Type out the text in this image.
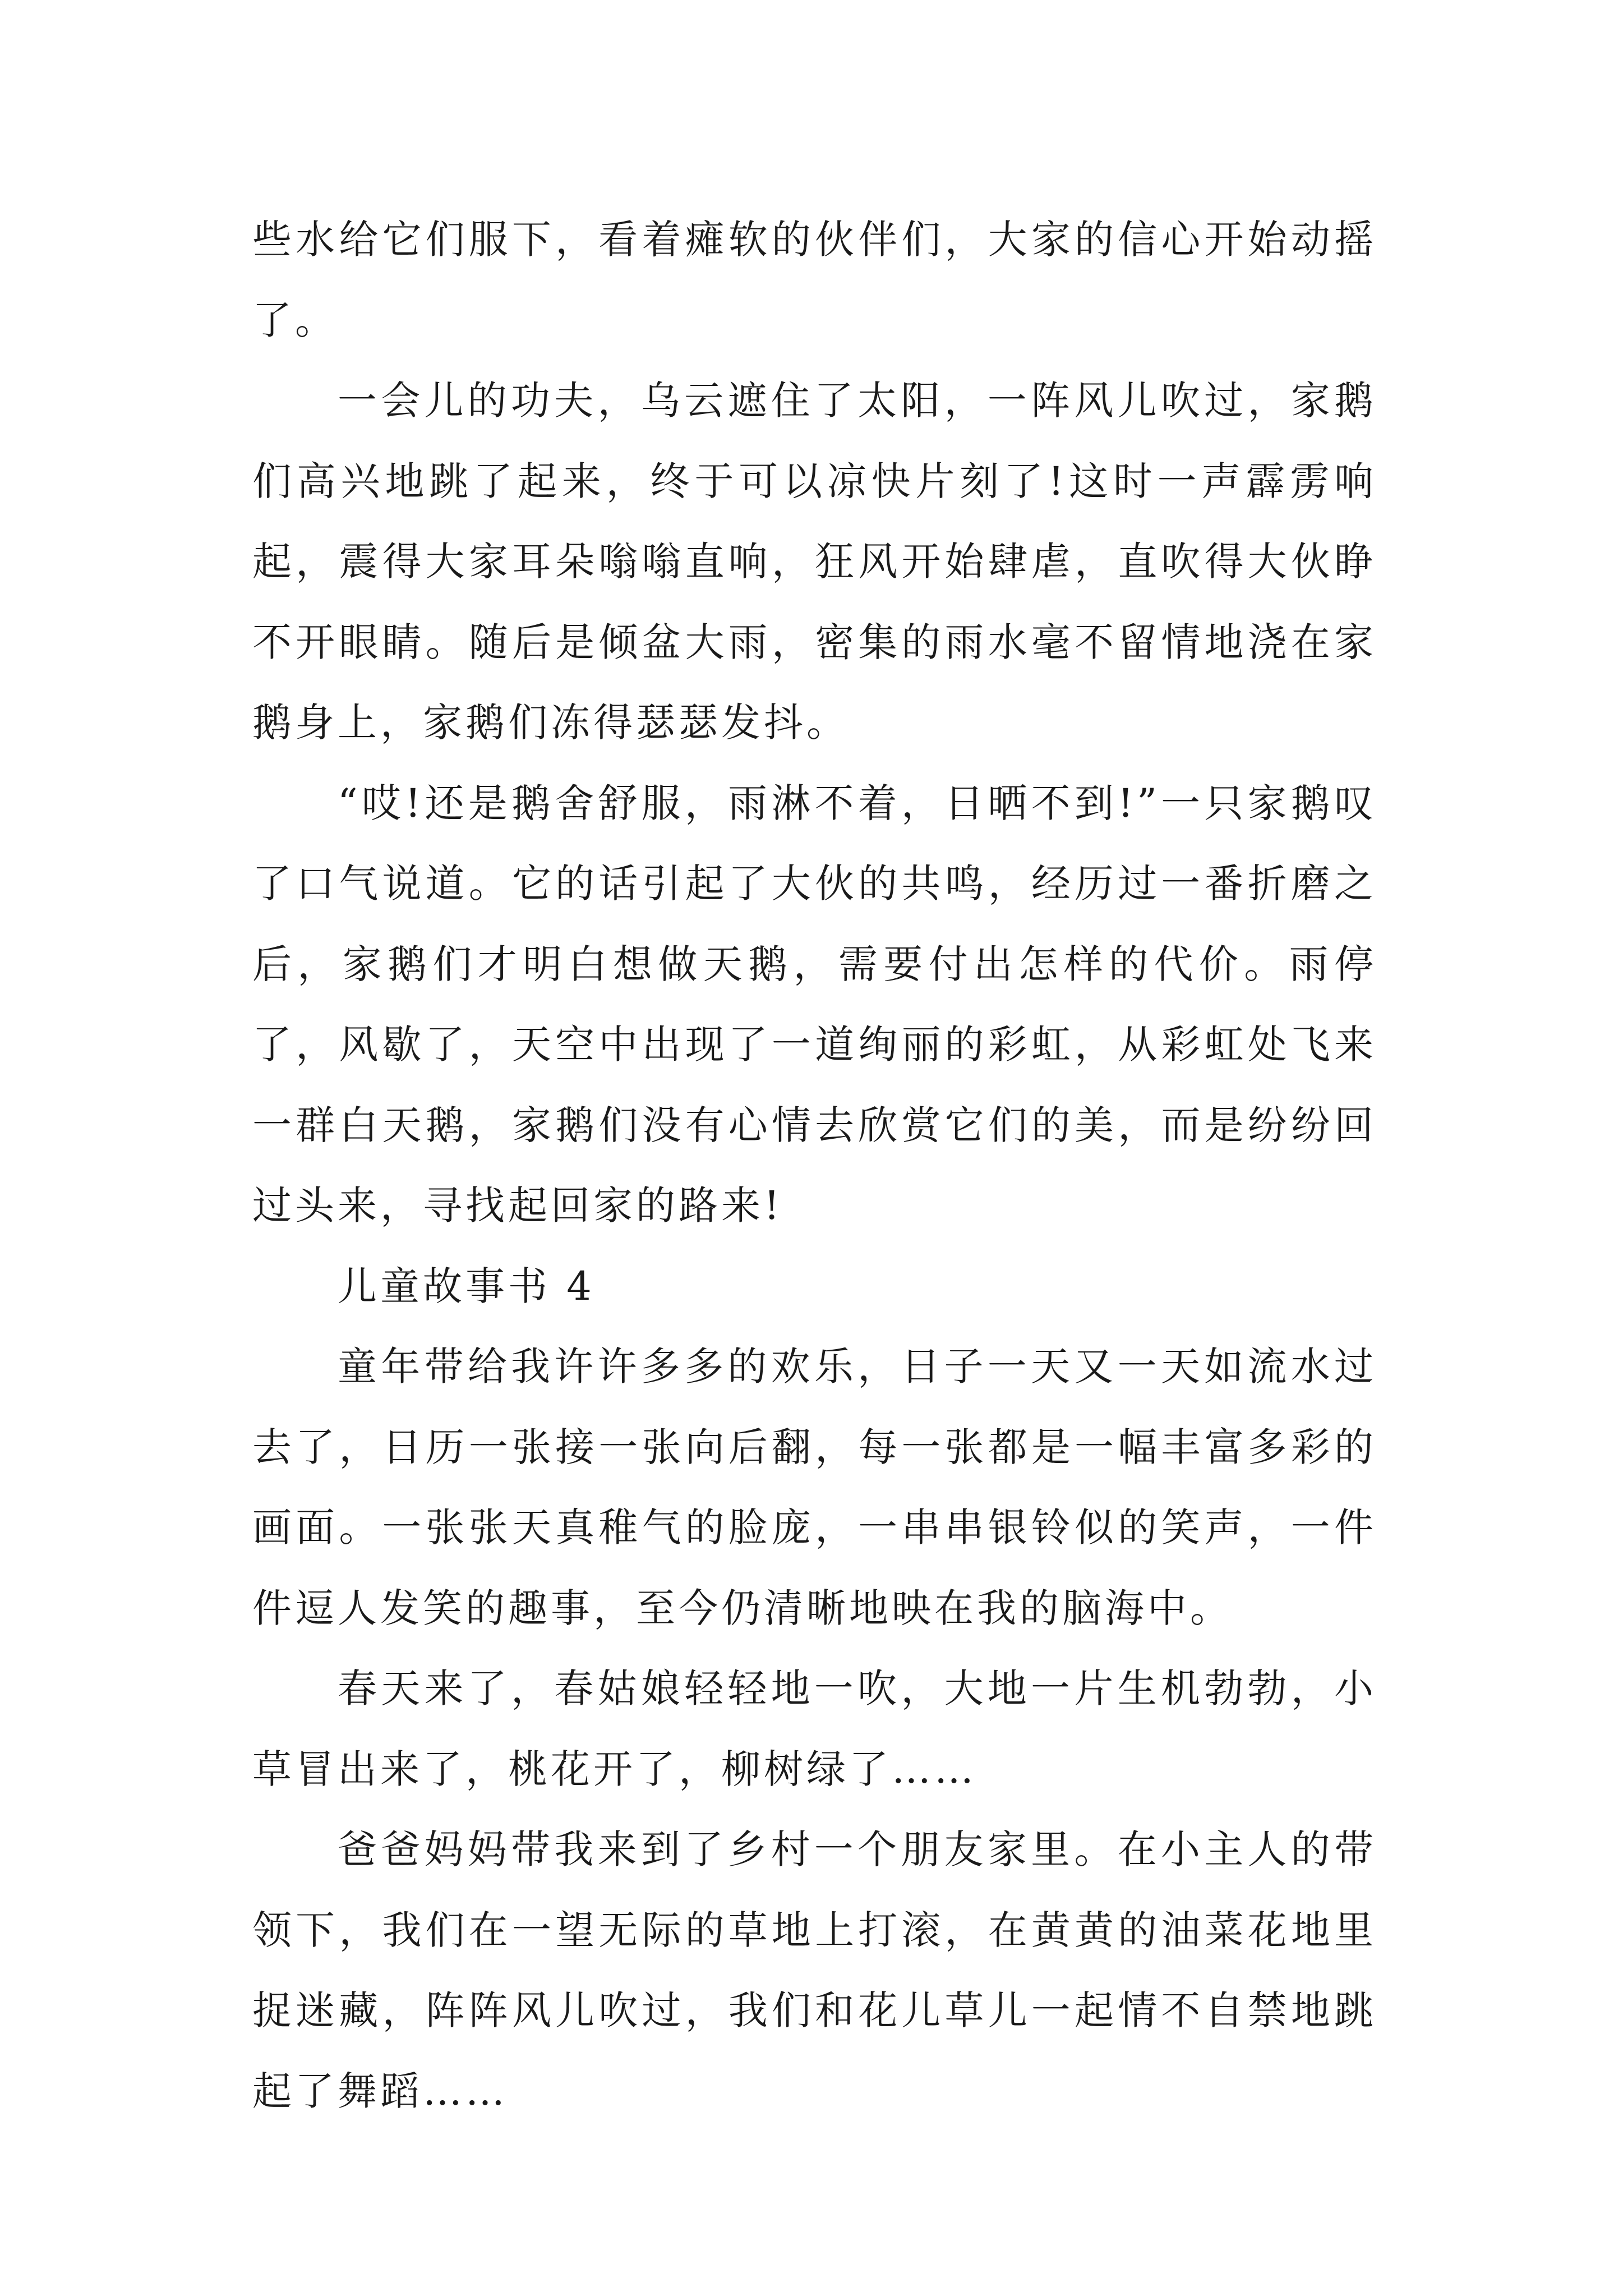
些水给它们服下，看着瘫软的伙伴们，大家的信心开始动摇了。

一会儿的功夫，乌云遮住了太阳，一阵风儿吹过，家鹅们高兴地跳了起来，终于可以凉快片刻了!这时一声霹雳响起，震得大家耳朵嗡嗡直响，狂风开始肆虐，直吹得大伙睁不开眼睛。随后是倾盆大雨，密集的雨水毫不留情地浇在家鹅身上，家鹅们冻得瑟瑟发抖。

“哎!还是鹅舍舒服，雨淋不着，日晒不到!”一只家鹅叹了口气说道。它的话引起了大伙的共鸣，经历过一番折磨之后，家鹅们才明白想做天鹅，需要付出怎样的代价。雨停了，风歇了，天空中出现了一道绚丽的彩虹，从彩虹处飞来一群白天鹅，家鹅们没有心情去欣赏它们的美，而是纷纷回过头来，寻找起回家的路来!

儿童故事书 4

童年带给我许许多多的欢乐，日子一天又一天如流水过去了，日历一张接一张向后翻，每一张都是一幅丰富多彩的画面。一张张天真稚气的脸庞，一串串银铃似的笑声，一件件逗人发笑的趣事，至今仍清晰地映在我的脑海中。

春天来了，春姑娘轻轻地一吹，大地一片生机勃勃，小草冒出来了，桃花开了，柳树绿了……

爸爸妈妈带我来到了乡村一个朋友家里。在小主人的带领下，我们在一望无际的草地上打滚，在黄黄的油菜花地里捉迷藏，阵阵风儿吹过，我们和花儿草儿一起情不自禁地跳起了舞蹈……
